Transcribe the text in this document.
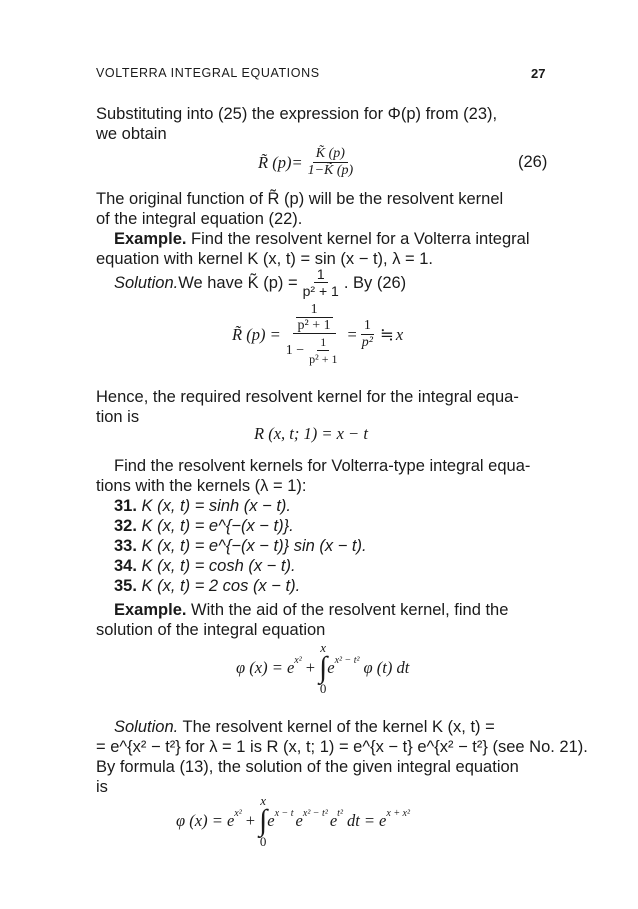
VOLTERRA INTEGRAL EQUATIONS	27
Substituting into (25) the expression for Φ(p) from (23),
we obtain
R̃ $(p)= \frac{K̃ (p)}{1-K̃ (p)}$	(26)
The original function of R̃ (p) will be the resolvent kernel
of the integral equation (22).
Example. Find the resolvent kernel for a Volterra integral
equation with kernel K (x, t) = sin (x − t), λ = 1.
Solution. We have K̃ $(p) = \frac{1}{\text{p² + 1}}$ . By (26)
R̃ (p) = 1
p² + 1
$1 - \frac{1}{\text{p² + 1}} = \frac{1}{\text{p²}}$ ≒ x
Hence, the required resolvent kernel for the integral equa-
tion is
R (x, t; 1) = x − t
Find the resolvent kernels for Volterra-type integral equa-
tions with the kernels (λ = 1):
31. K (x, t) = sinh (x − t).
32. K (x, t) = e^{−(x − t)}.
33. K (x, t) = e^{−(x − t)} sin (x − t).
34. K (x, t) = cosh (x − t).
35. K (x, t) = 2 cos (x − t).
Example. With the aid of the resolvent kernel, find the
solution of the integral equation
φ $(x) = e^{x^2}$ +
x
∫
0
$e^{x^2 - t^2}$ φ (t) dt
Solution. The resolvent kernel of the kernel K (x, t) =
= e^{x² − t²} for λ = 1 is R (x, t; 1) = e^{x − t} e^{x² − t²} (see No. 21).
By formula (13), the solution of the given integral equation
is
φ $(x) = e^{x^2}$ +
x
∫
0
$e^{x - t}$ $e^{x^2 - t^2}$ $e^{t^2}$ dt = $e^{x + x^2}$
